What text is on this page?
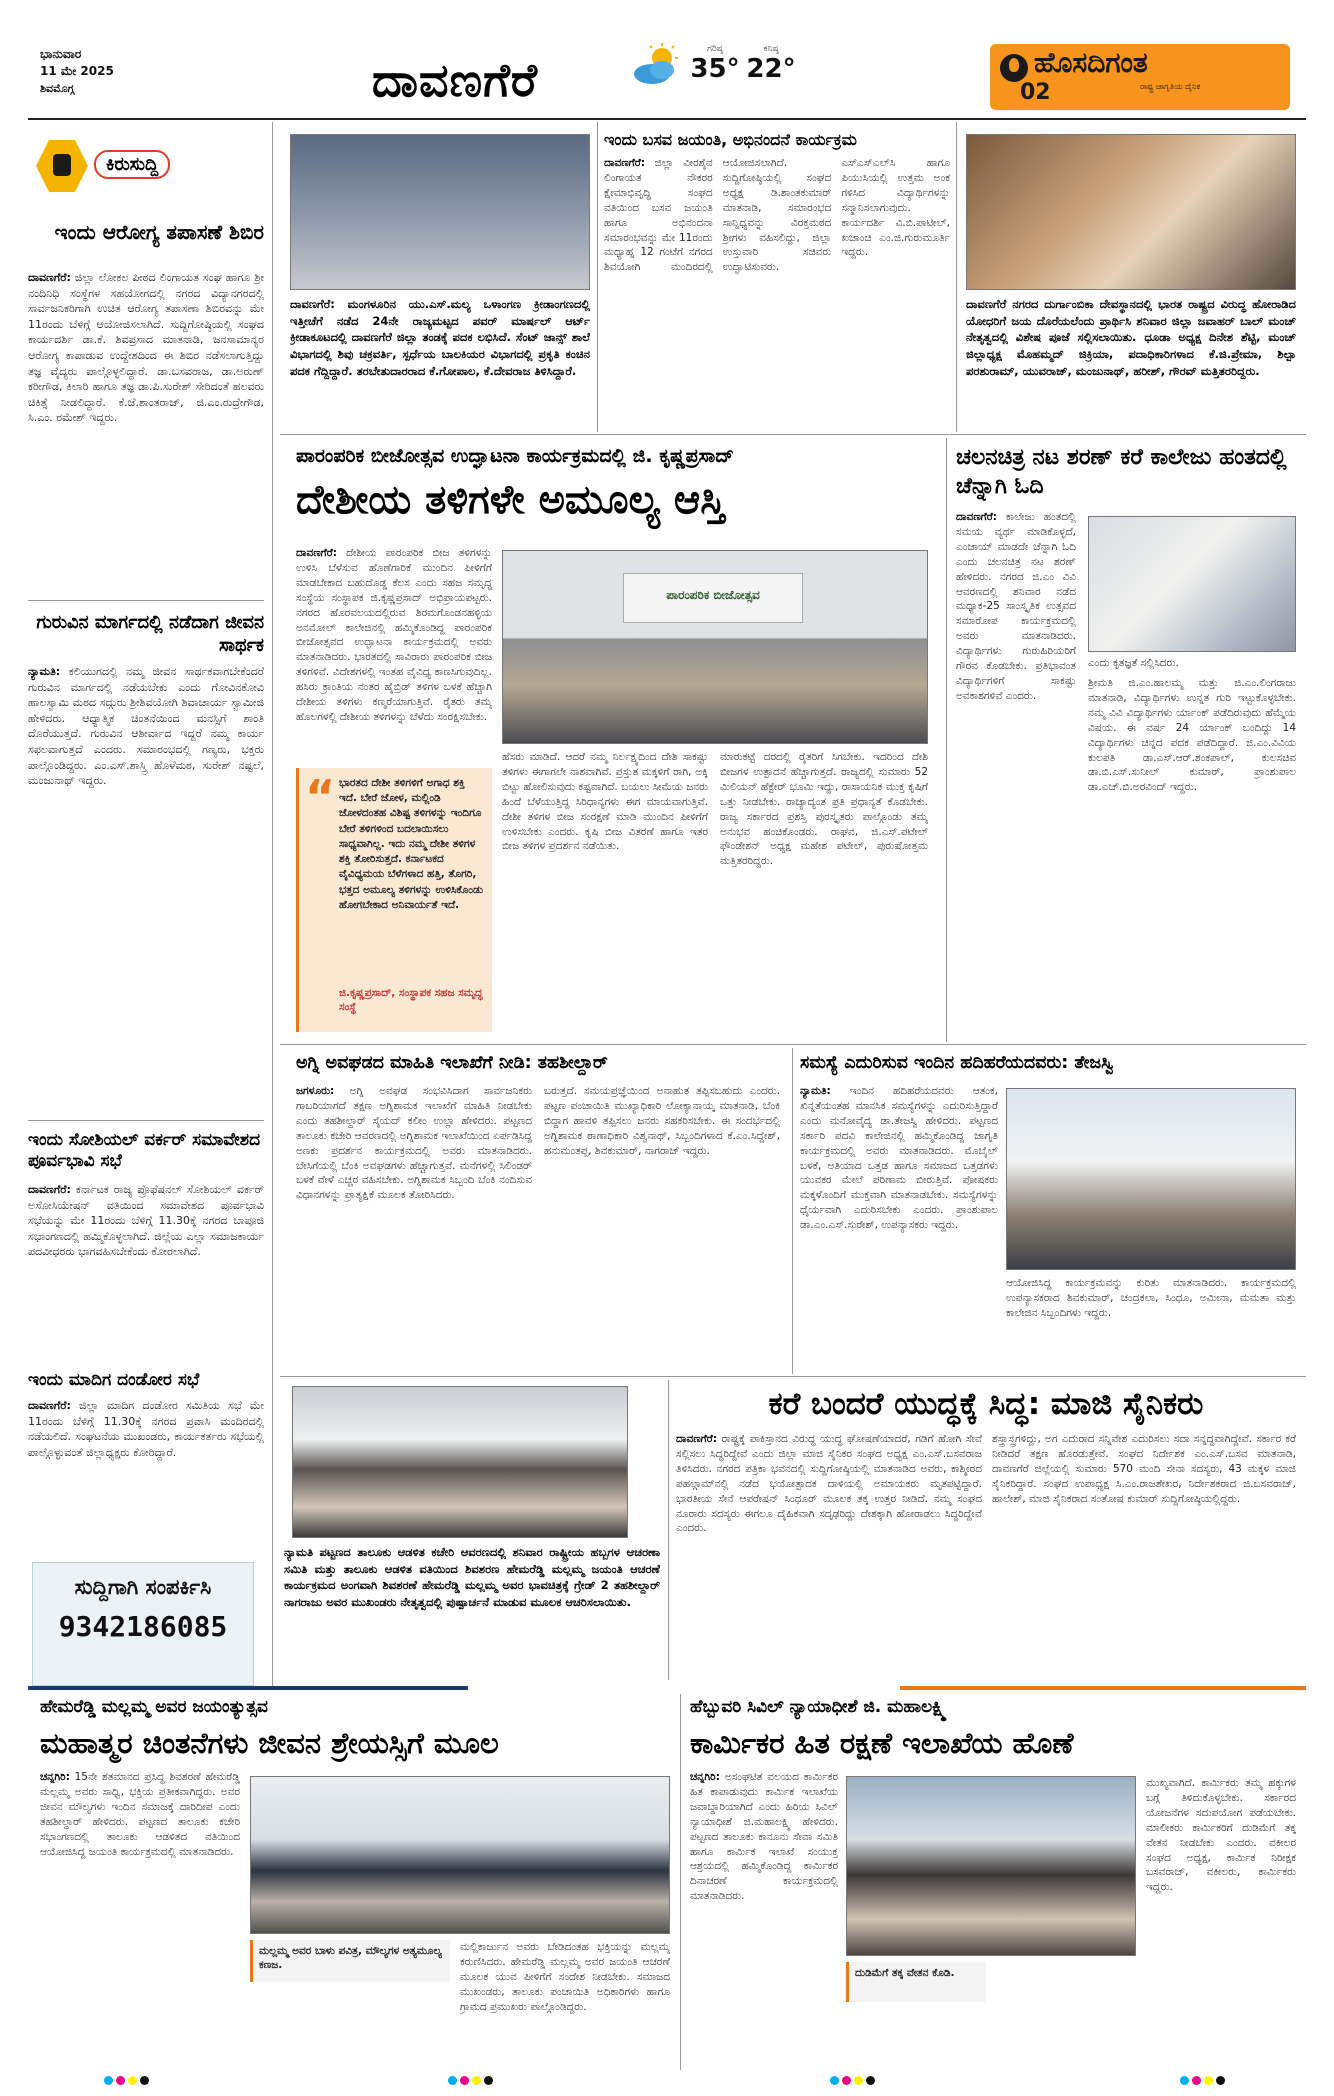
ಭಾನುವಾರ
11 ಮೇ 2025
ಶಿವಮೊಗ್ಗ	ದಾವಣಗೆರೆ
ಗರಿಷ್ಠ
35°
ಕನಿಷ್ಠ
22°	ಹೊಸದಿಗಂತ
ರಾಷ್ಟ್ರ ಜಾಗೃತಿಯ ದೈನಿಕ
02
ಕಿರುಸುದ್ದಿ
ಇಂದು ಆರೋಗ್ಯ ತಪಾಸಣೆ ಶಿಬಿರ
ದಾವಣಗೆರೆ: ಜಿಲ್ಲಾ ಲೋಕಲ ಪೀಠದ ಲಿಂಗಾಯತ ಸಂಘ ಹಾಗೂ ಶ್ರೀ ನಂದಿನಿಧಿ ಸಂಸ್ಥೆಗಳ ಸಹಯೋಗದಲ್ಲಿ ನಗರದ ವಿದ್ಯಾನಗರದಲ್ಲಿ ಸಾರ್ವಜನಿಕರಿಗಾಗಿ ಉಚಿತ ಆರೋಗ್ಯ ತಪಾಸಣಾ ಶಿಬಿರವನ್ನು ಮೇ 11ರಂದು ಬೆಳಿಗ್ಗೆ ಆಯೋಜಿಸಲಾಗಿದೆ. ಸುದ್ದಿಗೋಷ್ಠಿಯಲ್ಲಿ ಸಂಘದ ಕಾರ್ಯದರ್ಶಿ ಡಾ.ಕೆ. ಶಿವಪ್ರಸಾದ ಮಾತನಾಡಿ, ಜನಸಾಮಾನ್ಯರ ಆರೋಗ್ಯ ಕಾಪಾಡುವ ಉದ್ದೇಶದಿಂದ ಈ ಶಿಬಿರ ನಡೆಸಲಾಗುತ್ತಿದ್ದು ತಜ್ಞ ವೈದ್ಯರು ಪಾಲ್ಗೊಳ್ಳಲಿದ್ದಾರೆ. ಡಾ.ಬಸವರಾಜ, ಡಾ.ಅರುಣ್ ಕರೀಗೌಡ, ಕಿಲಾರಿ ಹಾಗೂ ತಜ್ಞ ಡಾ.ಪಿ.ಸುರೇಶ್ ಸೇರಿದಂತೆ ಹಲವರು ಚಿಕಿತ್ಸೆ ನೀಡಲಿದ್ದಾರೆ. ಕೆ.ಜೆ.ಶಾಂತರಾಜ್, ಜಿ.ಎಂ.ರುದ್ರೇಗೌಡ, ಸಿ.ಎಂ. ರಮೇಶ್ ಇದ್ದರು.
ಗುರುವಿನ ಮಾರ್ಗದಲ್ಲಿ ನಡೆದಾಗ ಜೀವನ ಸಾರ್ಥಕ
ನ್ಯಾಮತಿ: ಕಲಿಯುಗದಲ್ಲಿ ನಮ್ಮ ಜೀವನ ಸಾರ್ಥಕವಾಗಬೇಕೆಂದರೆ ಗುರುವಿನ ಮಾರ್ಗದಲ್ಲಿ ನಡೆಯಬೇಕು ಎಂದು ಗೋವಿನಕೋವಿ ಹಾಲಸ್ವಾಮಿ ಮಠದ ಸದ್ಗುರು ಶ್ರೀಶಿವಯೋಗಿ ಶಿವಾಚಾರ್ಯ ಸ್ವಾಮೀಜಿ ಹೇಳಿದರು. ಆಧ್ಯಾತ್ಮಿಕ ಚಿಂತನೆಯಿಂದ ಮನಸ್ಸಿಗೆ ಶಾಂತಿ ದೊರೆಯುತ್ತದೆ. ಗುರುವಿನ ಆಶೀರ್ವಾದ ಇದ್ದರೆ ನಮ್ಮ ಕಾರ್ಯ ಸಫಲವಾಗುತ್ತದೆ ಎಂದರು. ಸಮಾರಂಭದಲ್ಲಿ ಗಣ್ಯರು, ಭಕ್ತರು ಪಾಲ್ಗೊಂಡಿದ್ದರು. ಎಂ.ಎಸ್.ಶಾಸ್ತ್ರಿ ಹೊಳೆಮಠ, ಸುರೇಶ್ ನಷ್ಟಲೆ, ಮಂಜುನಾಥ್ ಇದ್ದರು.
ಇಂದು ಸೋಶಿಯಲ್ ವರ್ಕರ್ ಸಮಾವೇಶದ ಪೂರ್ವಭಾವಿ ಸಭೆ
ದಾವಣಗೆರೆ: ಕರ್ನಾಟಕ ರಾಜ್ಯ ಪ್ರೊಫೆಷನಲ್ ಸೋಶಿಯಲ್ ವರ್ಕರ್ ಅಸೋಸಿಯೇಷನ್ ವತಿಯಿಂದ ಸಮಾವೇಶದ ಪೂರ್ವಭಾವಿ ಸಭೆಯನ್ನು ಮೇ 11ರಂದು ಬೆಳಿಗ್ಗೆ 11.30ಕ್ಕೆ ನಗರದ ಬಾಪೂಜಿ ಸಭಾಂಗಣದಲ್ಲಿ ಹಮ್ಮಿಕೊಳ್ಳಲಾಗಿದೆ. ಜಿಲ್ಲೆಯ ಎಲ್ಲಾ ಸಮಾಜಕಾರ್ಯ ಪದವೀಧರರು ಭಾಗವಹಿಸಬೇಕೆಂದು ಕೋರಲಾಗಿದೆ.
ಇಂದು ಮಾದಿಗ ದಂಡೋರ ಸಭೆ
ದಾವಣಗೆರೆ: ಜಿಲ್ಲಾ ಮಾದಿಗ ದಂಡೋರ ಸಮಿತಿಯ ಸಭೆ ಮೇ 11ರಂದು ಬೆಳಿಗ್ಗೆ 11.30ಕ್ಕೆ ನಗರದ ಪ್ರವಾಸಿ ಮಂದಿರದಲ್ಲಿ ನಡೆಯಲಿದೆ. ಸಂಘಟನೆಯ ಮುಖಂಡರು, ಕಾರ್ಯಕರ್ತರು ಸಭೆಯಲ್ಲಿ ಪಾಲ್ಗೊಳ್ಳುವಂತೆ ಜಿಲ್ಲಾಧ್ಯಕ್ಷರು ಕೋರಿದ್ದಾರೆ.
ಸುದ್ದಿಗಾಗಿ ಸಂಪರ್ಕಿಸಿ
9342186085
ದಾವಣಗೆರೆ: ಮಂಗಳೂರಿನ ಯು.ಎಸ್.ಮಲ್ಯ ಒಳಾಂಗಣ ಕ್ರೀಡಾಂಗಣದಲ್ಲಿ ಇತ್ತೀಚೆಗೆ ನಡೆದ 24ನೇ ರಾಜ್ಯಮಟ್ಟದ ಪವರ್ ಮಾರ್ಷಲ್ ಆರ್ಟ್ ಕ್ರೀಡಾಕೂಟದಲ್ಲಿ ದಾವಣಗೆರೆ ಜಿಲ್ಲಾ ತಂಡಕ್ಕೆ ಪದಕ ಲಭಿಸಿದೆ. ಸೆಂಟ್ ಜಾನ್ಸ್ ಶಾಲೆ ವಿಭಾಗದಲ್ಲಿ ಶಿವು ಚಕ್ರವರ್ತಿ, ಸ್ಪರ್ಧೆಯ ಬಾಲಕಿಯರ ವಿಭಾಗದಲ್ಲಿ ಪ್ರಕೃತಿ ಕಂಚಿನ ಪದಕ ಗೆದ್ದಿದ್ದಾರೆ. ತರಬೇತುದಾರರಾದ ಕೆ.ಗೋಪಾಲ, ಕೆ.ದೇವರಾಜ ತಿಳಿಸಿದ್ದಾರೆ.
ಇಂದು ಬಸವ ಜಯಂತಿ, ಅಭಿನಂದನೆ ಕಾರ್ಯಕ್ರಮ
ದಾವಣಗೆರೆ: ಜಿಲ್ಲಾ ವೀರಶೈವ ಲಿಂಗಾಯತ ನೌಕರರ ಕ್ಷೇಮಾಭಿವೃದ್ಧಿ ಸಂಘದ ವತಿಯಿಂದ ಬಸವ ಜಯಂತಿ ಹಾಗೂ ಅಭಿನಂದನಾ ಸಮಾರಂಭವನ್ನು ಮೇ 11ರಂದು ಮಧ್ಯಾಹ್ನ 12 ಗಂಟೆಗೆ ನಗರದ ಶಿವಯೋಗಿ ಮಂದಿರದಲ್ಲಿ ಆಯೋಜಿಸಲಾಗಿದೆ. ಸುದ್ದಿಗೋಷ್ಠಿಯಲ್ಲಿ ಸಂಘದ ಅಧ್ಯಕ್ಷ ಡಿ.ಶಾಂತಕುಮಾರ್ ಮಾತನಾಡಿ, ಸಮಾರಂಭದ ಸಾನ್ನಿಧ್ಯವನ್ನು ವಿರಕ್ತಮಠದ ಶ್ರೀಗಳು ವಹಿಸಲಿದ್ದು, ಜಿಲ್ಲಾ ಉಸ್ತುವಾರಿ ಸಚಿವರು ಉದ್ಘಾಟಿಸುವರು. ಎಸ್‌ಎಸ್‌ಎಲ್‌ಸಿ ಹಾಗೂ ಪಿಯುಸಿಯಲ್ಲಿ ಉತ್ತಮ ಅಂಕ ಗಳಿಸಿದ ವಿದ್ಯಾರ್ಥಿಗಳನ್ನು ಸನ್ಮಾನಿಸಲಾಗುವುದು. ಕಾರ್ಯದರ್ಶಿ ವಿ.ಬಿ.ಪಾಟೀಲ್, ಖಜಾಂಚಿ ಎಂ.ಜಿ.ಗುರುಮೂರ್ತಿ ಇದ್ದರು.
ದಾವಣಗೆರೆ ನಗರದ ದುರ್ಗಾಂಬಿಕಾ ದೇವಸ್ಥಾನದಲ್ಲಿ ಭಾರತ ರಾಷ್ಟ್ರದ ವಿರುದ್ಧ ಹೋರಾಡಿದ ಯೋಧರಿಗೆ ಜಯ ದೊರೆಯಲೆಂದು ಪ್ರಾರ್ಥಿಸಿ ಶನಿವಾರ ಜಿಲ್ಲಾ ಜವಾಹರ್ ಬಾಲ್ ಮಂಚ್ ನೇತೃತ್ವದಲ್ಲಿ ವಿಶೇಷ ಪೂಜೆ ಸಲ್ಲಿಸಲಾಯಿತು. ಧೂಡಾ ಅಧ್ಯಕ್ಷ ದಿನೇಶ ಶೆಟ್ಟಿ, ಮಂಚ್ ಜಿಲ್ಲಾಧ್ಯಕ್ಷ ಮೊಹಮ್ಮದ್ ಜಿಕ್ರಿಯಾ, ಪದಾಧಿಕಾರಿಗಳಾದ ಕೆ.ಜಿ.ಪ್ರೇಮಾ, ಶಿಲ್ಪಾ ಪರಶುರಾಮ್, ಯುವರಾಜ್, ಮಂಜುನಾಥ್, ಹರೀಶ್, ಗೌರವ್ ಮತ್ತಿತರರಿದ್ದರು.
ಪಾರಂಪರಿಕ ಬೀಜೋತ್ಸವ ಉದ್ಘಾಟನಾ ಕಾರ್ಯಕ್ರಮದಲ್ಲಿ ಜಿ. ಕೃಷ್ಣಪ್ರಸಾದ್
ದೇಶೀಯ ತಳಿಗಳೇ ಅಮೂಲ್ಯ ಆಸ್ತಿ
ದಾವಣಗೆರೆ: ದೇಶೀಯ ಪಾರಂಪರಿಕ ಬೀಜ ತಳಿಗಳನ್ನು ಉಳಿಸಿ ಬೆಳೆಸುವ ಹೊಣೆಗಾರಿಕೆ ಮುಂದಿನ ಪೀಳಿಗೆಗೆ ಮಾಡಬೇಕಾದ ಬಹುದೊಡ್ಡ ಕೆಲಸ ಎಂದು ಸಹಜ ಸಮೃದ್ಧ ಸಂಸ್ಥೆಯ ಸಂಸ್ಥಾಪಕ ಜಿ.ಕೃಷ್ಣಪ್ರಸಾದ್ ಅಭಿಪ್ರಾಯಪಟ್ಟರು. ನಗರದ ಹೊರವಲಯದಲ್ಲಿರುವ ಶಿರಮಗೊಂಡನಹಳ್ಳಿಯ ಅನಮೋಲ್ ಕಾಲೇಜಿನಲ್ಲಿ ಹಮ್ಮಿಕೊಂಡಿದ್ದ ಪಾರಂಪರಿಕ ಬೀಜೋತ್ಸವದ ಉದ್ಘಾಟನಾ ಕಾರ್ಯಕ್ರಮದಲ್ಲಿ ಅವರು ಮಾತನಾಡಿದರು. ಭಾರತದಲ್ಲಿ ಸಾವಿರಾರು ಪಾರಂಪರಿಕ ಬೀಜ ತಳಿಗಳಿವೆ. ವಿದೇಶಗಳಲ್ಲಿ ಇಂತಹ ವೈವಿಧ್ಯ ಕಾಣಸಿಗುವುದಿಲ್ಲ. ಹಸಿರು ಕ್ರಾಂತಿಯ ನಂತರ ಹೈಬ್ರಿಡ್ ತಳಿಗಳ ಬಳಕೆ ಹೆಚ್ಚಾಗಿ ದೇಶೀಯ ತಳಿಗಳು ಕಣ್ಮರೆಯಾಗುತ್ತಿವೆ. ರೈತರು ತಮ್ಮ ಹೊಲಗಳಲ್ಲಿ ದೇಶೀಯ ತಳಿಗಳನ್ನು ಬೆಳೆದು ಸಂರಕ್ಷಿಸಬೇಕು.
“ ಭಾರತದ ದೇಶೀ ತಳಿಗಳಿಗೆ ಅಗಾಧ ಶಕ್ತಿ ಇದೆ. ಬೇರೆ ಜೋಳ, ಮಲ್ಲಿಂಡಿ ಜೋಳದಂತಹ ವಿಶಿಷ್ಟ ತಳಿಗಳನ್ನು ಇಂದಿಗೂ ಬೇರೆ ತಳಿಗಳಿಂದ ಬದಲಾಯಿಸಲು ಸಾಧ್ಯವಾಗಿಲ್ಲ. ಇದು ನಮ್ಮ ದೇಶೀ ತಳಿಗಳ ಶಕ್ತಿ ತೋರಿಸುತ್ತದೆ. ಕರ್ನಾಟಕದ ವೈವಿಧ್ಯಮಯ ಬೆಳೆಗಳಾದ ಹತ್ತಿ, ತೊಗರಿ, ಭತ್ತದ ಅಮೂಲ್ಯ ತಳಿಗಳನ್ನು ಉಳಿಸಿಕೊಂಡು ಹೋಗಬೇಕಾದ ಅನಿವಾರ್ಯತೆ ಇದೆ.
ಜಿ.ಕೃಷ್ಣಪ್ರಸಾದ್, ಸಂಸ್ಥಾಪಕ ಸಹಜ ಸಮೃದ್ಧ ಸಂಸ್ಥೆ
ಪಾರಂಪರಿಕ ಬೀಜೋತ್ಸವ
ಹೆಸರು ಮಾಡಿದೆ. ಆದರೆ ನಮ್ಮ ನಿರ್ಲಕ್ಷ್ಯದಿಂದ ದೇಶಿ ಸಾಕಷ್ಟು ತಳಿಗಳು ಈಗಾಗಲೇ ನಾಶವಾಗಿವೆ. ಪ್ರಸ್ತುತ ಮಕ್ಕಳಿಗೆ ರಾಗಿ, ಅಕ್ಕಿ ಬಿಟ್ಟು ಹೋಲಿಸುವುದು ಕಷ್ಟವಾಗಿದೆ. ಬಯಲು ಸೀಮೆಯ ಜನರು ಹಿಂದೆ ಬೆಳೆಯುತ್ತಿದ್ದ ಸಿರಿಧಾನ್ಯಗಳು ಈಗ ಮಾಯವಾಗುತ್ತಿವೆ. ದೇಶೀ ತಳಿಗಳ ಬೀಜ ಸಂರಕ್ಷಣೆ ಮಾಡಿ ಮುಂದಿನ ಪೀಳಿಗೆಗೆ ಉಳಿಸಬೇಕು ಎಂದರು. ಕೃಷಿ ಬೀಜ ವಿತರಣೆ ಹಾಗೂ ಇತರ ಬೀಜ ತಳಿಗಳ ಪ್ರದರ್ಶನ ನಡೆಯಿತು.
ಮಾರುಕಟ್ಟೆ ದರದಲ್ಲಿ ರೈತರಿಗೆ ಸಿಗಬೇಕು. ಇದರಿಂದ ದೇಶಿ ಬೀಜಗಳ ಉತ್ಪಾದನೆ ಹೆಚ್ಚಾಗುತ್ತದೆ. ರಾಜ್ಯದಲ್ಲಿ ಸುಮಾರು 52 ಮಿಲಿಯನ್ ಹೆಕ್ಟೇರ್ ಭೂಮಿ ಇದ್ದು, ರಾಸಾಯನಿಕ ಮುಕ್ತ ಕೃಷಿಗೆ ಒತ್ತು ನೀಡಬೇಕು. ರಾಜ್ಯಾದ್ಯಂತ ಪ್ರತಿ ಪ್ರಧಾನ್ಯತೆ ಕೊಡಬೇಕು. ರಾಜ್ಯ ಸರ್ಕಾರದ ಪ್ರಶಸ್ತಿ ಪುರಸ್ಕೃತರು ಪಾಲ್ಗೊಂಡು ತಮ್ಮ ಅನುಭವ ಹಂಚಿಕೊಂಡರು. ರಾಘವ, ಜಿ.ಎಸ್.ಪಟೇಲ್ ಫೌಂಡೇಶನ್ ಅಧ್ಯಕ್ಷ ಮಹೇಶ ಪಟೇಲ್, ಪುರುಷೋತ್ತಮ ಮತ್ತಿತರರಿದ್ದರು.
ಚಲನಚಿತ್ರ ನಟ ಶರಣ್ ಕರೆ ಕಾಲೇಜು ಹಂತದಲ್ಲಿ ಚೆನ್ನಾಗಿ ಓದಿ
ದಾವಣಗೆರೆ: ಕಾಲೇಜು ಹಂತದಲ್ಲಿ ಸಮಯ ವ್ಯರ್ಥ ಮಾಡಿಕೊಳ್ಳದೆ, ಎಂಜಾಯ್ ಮಾಡದೇ ಚೆನ್ನಾಗಿ ಓದಿ ಎಂದು ಚಲನಚಿತ್ರ ನಟ ಶರಣ್ ಹೇಳಿದರು. ನಗರದ ಜಿ.ಎಂ ವಿವಿ ಆವರಣದಲ್ಲಿ ಶನಿವಾರ ನಡೆದ ಮಧ್ಯಾಕ-25 ಸಾಂಸ್ಕೃತಿಕ ಉತ್ಸವದ ಸಮಾರೋಪ ಕಾರ್ಯಕ್ರಮದಲ್ಲಿ ಅವರು ಮಾತನಾಡಿದರು. ವಿದ್ಯಾರ್ಥಿಗಳು ಗುರುಹಿರಿಯರಿಗೆ ಗೌರವ ಕೊಡಬೇಕು. ಪ್ರತಿಭಾವಂತ ವಿದ್ಯಾರ್ಥಿಗಳಿಗೆ ಸಾಕಷ್ಟು ಅವಕಾಶಗಳಿವೆ ಎಂದರು.
ಎಂದು ಕೃತಜ್ಞತೆ ಸಲ್ಲಿಸಿದರು.
ಶ್ರೀಮತಿ ಜಿ.ಎಂ.ಹಾಲಮ್ಮ ಮತ್ತು ಜಿ.ಎಂ.ಲಿಂಗರಾಜು ಮಾತನಾಡಿ, ವಿದ್ಯಾರ್ಥಿಗಳು ಉನ್ನತ ಗುರಿ ಇಟ್ಟುಕೊಳ್ಳಬೇಕು. ನಮ್ಮ ವಿವಿ ವಿದ್ಯಾರ್ಥಿಗಳು ರ್ಯಾಂಕ್ ಪಡೆದಿರುವುದು ಹೆಮ್ಮೆಯ ವಿಷಯ. ಈ ವರ್ಷ 24 ರ್ಯಾಂಕ್ ಬಂದಿದ್ದು 14 ವಿದ್ಯಾರ್ಥಿಗಳು ಚಿನ್ನದ ಪದಕ ಪಡೆದಿದ್ದಾರೆ. ಜಿ.ಎಂ.ವಿವಿಯ ಕುಲಪತಿ ಡಾ.ಎಸ್.ಆರ್.ಶಂಕಪಾಲ್, ಕುಲಸಚಿವ ಡಾ.ಬಿ.ಎಸ್.ಸುನೀಲ್ ಕುಮಾರ್, ಪ್ರಾಂಶುಪಾಲ ಡಾ.ಎಚ್.ಬಿ.ಅರವಿಂದ್ ಇದ್ದರು.
ಅಗ್ನಿ ಅವಘಡದ ಮಾಹಿತಿ ಇಲಾಖೆಗೆ ನೀಡಿ: ತಹಶೀಲ್ದಾರ್
ಜಗಳೂರು: ಅಗ್ನಿ ಅವಘಡ ಸಂಭವಿಸಿದಾಗ ಸಾರ್ವಜನಿಕರು ಗಾಬರಿಯಾಗದೆ ತಕ್ಷಣ ಅಗ್ನಿಶಾಮಕ ಇಲಾಖೆಗೆ ಮಾಹಿತಿ ನೀಡಬೇಕು ಎಂದು ತಹಶೀಲ್ದಾರ್ ಸೈಯದ್ ಕಲೀಂ ಉಲ್ಲಾ ಹೇಳಿದರು. ಪಟ್ಟಣದ ತಾಲೂಕು ಕಚೇರಿ ಆವರಣದಲ್ಲಿ ಅಗ್ನಿಶಾಮಕ ಇಲಾಖೆಯಿಂದ ಏರ್ಪಡಿಸಿದ್ದ ಅಣಕು ಪ್ರದರ್ಶನ ಕಾರ್ಯಕ್ರಮದಲ್ಲಿ ಅವರು ಮಾತನಾಡಿದರು. ಬೇಸಿಗೆಯಲ್ಲಿ ಬೆಂಕಿ ಅವಘಡಗಳು ಹೆಚ್ಚಾಗುತ್ತವೆ. ಮನೆಗಳಲ್ಲಿ ಸಿಲಿಂಡರ್ ಬಳಕೆ ವೇಳೆ ಎಚ್ಚರ ವಹಿಸಬೇಕು. ಅಗ್ನಿಶಾಮಕ ಸಿಬ್ಬಂದಿ ಬೆಂಕಿ ನಂದಿಸುವ ವಿಧಾನಗಳನ್ನು ಪ್ರಾತ್ಯಕ್ಷಿಕೆ ಮೂಲಕ ತೋರಿಸಿದರು.
ಬರುತ್ತದೆ. ಸಮಯಪ್ರಜ್ಞೆಯಿಂದ ಅನಾಹುತ ತಪ್ಪಿಸಬಹುದು ಎಂದರು. ಪಟ್ಟಣ ಪಂಚಾಯಿತಿ ಮುಖ್ಯಾಧಿಕಾರಿ ಲೋಕ್ಯಾನಾಯ್ಕ ಮಾತನಾಡಿ, ಬೆಂಕಿ ಬಿದ್ದಾಗ ಹಾವಳಿ ತಪ್ಪಿಸಲು ಜನರು ಸಹಕರಿಸಬೇಕು. ಈ ಸಂದರ್ಭದಲ್ಲಿ ಅಗ್ನಿಶಾಮಕ ಠಾಣಾಧಿಕಾರಿ ವಿಶ್ವನಾಥ್, ಸಿಬ್ಬಂದಿಗಳಾದ ಕೆ.ಎಂ.ಸಿದ್ದೇಶ್, ಹನುಮಂತಪ್ಪ, ಶಿವಕುಮಾರ್, ನಾಗರಾಜ್ ಇದ್ದರು.
ಸಮಸ್ಯೆ ಎದುರಿಸುವ ಇಂದಿನ ಹದಿಹರೆಯದವರು: ತೇಜಸ್ವಿ
ನ್ಯಾಮತಿ: ಇಂದಿನ ಹದಿಹರೆಯದವರು ಆತಂಕ, ಖಿನ್ನತೆಯಂತಹ ಮಾನಸಿಕ ಸಮಸ್ಯೆಗಳನ್ನು ಎದುರಿಸುತ್ತಿದ್ದಾರೆ ಎಂದು ಮನೋವೈದ್ಯ ಡಾ.ತೇಜಸ್ವಿ ಹೇಳಿದರು. ಪಟ್ಟಣದ ಸರ್ಕಾರಿ ಪದವಿ ಕಾಲೇಜಿನಲ್ಲಿ ಹಮ್ಮಿಕೊಂಡಿದ್ದ ಜಾಗೃತಿ ಕಾರ್ಯಕ್ರಮದಲ್ಲಿ ಅವರು ಮಾತನಾಡಿದರು. ಮೊಬೈಲ್ ಬಳಕೆ, ಅತಿಯಾದ ಒತ್ತಡ ಹಾಗೂ ಸಮಾಜದ ಒತ್ತಡಗಳು ಯುವಕರ ಮೇಲೆ ಪರಿಣಾಮ ಬೀರುತ್ತಿವೆ. ಪೋಷಕರು ಮಕ್ಕಳೊಂದಿಗೆ ಮುಕ್ತವಾಗಿ ಮಾತನಾಡಬೇಕು. ಸಮಸ್ಯೆಗಳನ್ನು ಧೈರ್ಯವಾಗಿ ಎದುರಿಸಬೇಕು ಎಂದರು. ಪ್ರಾಂಶುಪಾಲ ಡಾ.ಎಂ.ಎಸ್.ಸುರೇಶ್, ಉಪನ್ಯಾಸಕರು ಇದ್ದರು.
ಆಯೋಜಿಸಿದ್ದ ಕಾರ್ಯಕ್ರಮವನ್ನು ಕುರಿತು ಮಾತನಾಡಿದರು. ಕಾರ್ಯಕ್ರಮದಲ್ಲಿ ಉಪನ್ಯಾಸಕರಾದ ಶಿವಕುಮಾರ್, ಚಂದ್ರಕಲಾ, ಸಿಂಧೂ, ಅಮೀನಾ, ಮಮತಾ ಮತ್ತು ಕಾಲೇಜಿನ ಸಿಬ್ಬಂದಿಗಳು ಇದ್ದರು.
ನ್ಯಾಮತಿ ಪಟ್ಟಣದ ತಾಲೂಕು ಆಡಳಿತ ಕಚೇರಿ ಆವರಣದಲ್ಲಿ ಶನಿವಾರ ರಾಷ್ಟ್ರೀಯ ಹಬ್ಬಗಳ ಆಚರಣಾ ಸಮಿತಿ ಮತ್ತು ತಾಲೂಕು ಆಡಳಿತ ವತಿಯಿಂದ ಶಿವಶರಣ ಹೇಮರೆಡ್ಡಿ ಮಲ್ಲಮ್ಮ ಜಯಂತಿ ಆಚರಣೆ ಕಾರ್ಯಕ್ರಮದ ಅಂಗವಾಗಿ ಶಿವಶರಣೆ ಹೇಮರೆಡ್ಡಿ ಮಲ್ಲಮ್ಮ ಅವರ ಭಾವಚಿತ್ರಕ್ಕೆ ಗ್ರೇಡ್ 2 ತಹಶೀಲ್ದಾರ್ ನಾಗರಾಜು ಅವರ ಮುಖಂಡರು ನೇತೃತ್ವದಲ್ಲಿ ಪುಷ್ಪಾರ್ಚನೆ ಮಾಡುವ ಮೂಲಕ ಆಚರಿಸಲಾಯಿತು.
ಕರೆ ಬಂದರೆ ಯುದ್ಧಕ್ಕೆ ಸಿದ್ಧ: ಮಾಜಿ ಸೈನಿಕರು
ದಾವಣಗೆರೆ: ರಾಷ್ಟ್ರಕ್ಕೆ ಪಾಕಿಸ್ತಾನದ ವಿರುದ್ಧ ಯುದ್ಧ ಘೋಷಣೆಯಾದರೆ, ಗಡಿಗೆ ಹೋಗಿ ಸೇವೆ ಸಲ್ಲಿಸಲು ಸಿದ್ಧರಿದ್ದೇವೆ ಎಂದು ಜಿಲ್ಲಾ ಮಾಜಿ ಸೈನಿಕರ ಸಂಘದ ಅಧ್ಯಕ್ಷ ಎಂ.ಎಸ್.ಬಸವರಾಜ ತಿಳಿಸಿದರು. ನಗರದ ಪತ್ರಿಕಾ ಭವನದಲ್ಲಿ ಸುದ್ದಿಗೋಷ್ಠಿಯಲ್ಲಿ ಮಾತನಾಡಿದ ಅವರು, ಕಾಶ್ಮೀರದ ಪಹಲ್ಗಾಮ್‌ನಲ್ಲಿ ನಡೆದ ಭಯೋತ್ಪಾದಕ ದಾಳಿಯಲ್ಲಿ ಅಮಾಯಕರು ಮೃತಪಟ್ಟಿದ್ದಾರೆ. ಭಾರತೀಯ ಸೇನೆ ಆಪರೇಷನ್ ಸಿಂಧೂರ್ ಮೂಲಕ ತಕ್ಕ ಉತ್ತರ ನೀಡಿದೆ. ನಮ್ಮ ಸಂಘದ ನೂರಾರು ಸದಸ್ಯರು ಈಗಲೂ ದೈಹಿಕವಾಗಿ ಸದೃಢರಿದ್ದು ದೇಶಕ್ಕಾಗಿ ಹೋರಾಡಲು ಸಿದ್ಧರಿದ್ದೇವೆ ಎಂದರು.
ಶಸ್ತ್ರಾಸ್ತ್ರಗಳಿದ್ದು, ಅಗ ಎದುರಾದ ಸನ್ನಿವೇಶ ಎದುರಿಸಲು ಸದಾ ಸನ್ನದ್ಧವಾಗಿದ್ದೇವೆ. ಸರ್ಕಾರ ಕರೆ ನೀಡಿದರೆ ತಕ್ಷಣ ಹೊರಡುತ್ತೇವೆ. ಸಂಘದ ನಿರ್ದೇಶಕ ಎಂ.ಎಸ್.ಬಸವ ಮಾತನಾಡಿ, ದಾವಣಗೆರೆ ಜಿಲ್ಲೆಯಲ್ಲಿ ಸುಮಾರು 570 ಮಂದಿ ಸೇನಾ ಸದಸ್ಯರು, 43 ಮಕ್ಕಳ ಮಾಜಿ ಸೈನಿಕರಿದ್ದಾರೆ. ಸಂಘದ ಉಪಾಧ್ಯಕ್ಷ ಸಿ.ಎಂ.ರಾಜಶೇಖರ, ನಿರ್ದೇಶಕರಾದ ಜಿ.ಬಸವರಾಜ್, ಹಾಲೇಶ್, ಮಾಜಿ ಸೈನಿಕರಾದ ಸಂತೋಷ ಕುಮಾರ್ ಸುದ್ದಿಗೋಷ್ಠಿಯಲ್ಲಿದ್ದರು.
ಹೇಮರೆಡ್ಡಿ ಮಲ್ಲಮ್ಮ ಅವರ ಜಯಂತ್ಯುತ್ಸವ
ಮಹಾತ್ಮರ ಚಿಂತನೆಗಳು ಜೀವನ ಶ್ರೇಯಸ್ಸಿಗೆ ಮೂಲ
ಚನ್ನಗಿರಿ: 15ನೇ ಶತಮಾನದ ಪ್ರಸಿದ್ಧ ಶಿವಶರಣೆ ಹೇಮರೆಡ್ಡಿ ಮಲ್ಲಮ್ಮ ಅವರು ಸಾಧ್ವಿ, ಭಕ್ತಿಯ ಪ್ರತೀಕವಾಗಿದ್ದರು. ಅವರ ಜೀವನ ಮೌಲ್ಯಗಳು ಇಂದಿನ ಸಮಾಜಕ್ಕೆ ದಾರಿದೀಪ ಎಂದು ತಹಶೀಲ್ದಾರ್ ಹೇಳಿದರು. ಪಟ್ಟಣದ ತಾಲೂಕು ಕಚೇರಿ ಸಭಾಂಗಣದಲ್ಲಿ ತಾಲೂಕು ಆಡಳಿತದ ವತಿಯಿಂದ ಆಯೋಜಿಸಿದ್ದ ಜಯಂತಿ ಕಾರ್ಯಕ್ರಮದಲ್ಲಿ ಮಾತನಾಡಿದರು.
ಮಲ್ಲಮ್ಮ ಅವರ ಬಾಳು ಪವಿತ್ರ, ಮೌಲ್ಯಗಳ ಅತ್ಯಮೂಲ್ಯ ಕಣಜ.
ಮಲ್ಲಿಕಾರ್ಜುನ ಅವರು ಬೇಡಿದಂತಹ ಭಕ್ತಿಯನ್ನು ಮಲ್ಲಮ್ಮ ಕರುಣಿಸಿದರು. ಹೇಮರೆಡ್ಡಿ ಮಲ್ಲಮ್ಮ ಅವರ ಜಯಂತಿ ಆಚರಣೆ ಮೂಲಕ ಯುವ ಪೀಳಿಗೆಗೆ ಸಂದೇಶ ನೀಡಬೇಕು. ಸಮಾಜದ ಮುಖಂಡರು, ತಾಲೂಕು ಪಂಚಾಯಿತಿ ಅಧಿಕಾರಿಗಳು ಹಾಗೂ ಗ್ರಾಮದ ಪ್ರಮುಖರು ಪಾಲ್ಗೊಂಡಿದ್ದರು.
ಹೆಬ್ಬುವರಿ ಸಿವಿಲ್ ನ್ಯಾಯಾಧೀಶೆ ಜಿ. ಮಹಾಲಕ್ಷ್ಮಿ
ಕಾರ್ಮಿಕರ ಹಿತ ರಕ್ಷಣೆ ಇಲಾಖೆಯ ಹೊಣೆ
ಚನ್ನಗಿರಿ: ಅಸಂಘಟಿತ ವಲಯದ ಕಾರ್ಮಿಕರ ಹಿತ ಕಾಪಾಡುವುದು ಕಾರ್ಮಿಕ ಇಲಾಖೆಯ ಜವಾಬ್ದಾರಿಯಾಗಿದೆ ಎಂದು ಹಿರಿಯ ಸಿವಿಲ್ ನ್ಯಾಯಾಧೀಶೆ ಜಿ.ಮಹಾಲಕ್ಷ್ಮಿ ಹೇಳಿದರು. ಪಟ್ಟಣದ ತಾಲೂಕು ಕಾನೂನು ಸೇವಾ ಸಮಿತಿ ಹಾಗೂ ಕಾರ್ಮಿಕ ಇಲಾಖೆ ಸಂಯುಕ್ತ ಆಶ್ರಯದಲ್ಲಿ ಹಮ್ಮಿಕೊಂಡಿದ್ದ ಕಾರ್ಮಿಕರ ದಿನಾಚರಣೆ ಕಾರ್ಯಕ್ರಮದಲ್ಲಿ ಮಾತನಾಡಿದರು.
ದುಡಿಮೆಗೆ ತಕ್ಕ ವೇತನ ಕೊಡಿ.
ಮುಖ್ಯವಾಗಿದೆ. ಕಾರ್ಮಿಕರು ತಮ್ಮ ಹಕ್ಕುಗಳ ಬಗ್ಗೆ ತಿಳಿದುಕೊಳ್ಳಬೇಕು. ಸರ್ಕಾರದ ಯೋಜನೆಗಳ ಸದುಪಯೋಗ ಪಡೆಯಬೇಕು. ಮಾಲೀಕರು ಕಾರ್ಮಿಕರಿಗೆ ದುಡಿಮೆಗೆ ತಕ್ಕ ವೇತನ ನೀಡಬೇಕು ಎಂದರು. ವಕೀಲರ ಸಂಘದ ಅಧ್ಯಕ್ಷ, ಕಾರ್ಮಿಕ ನಿರೀಕ್ಷಕ ಬಸವರಾಜ್, ವಕೀಲರು, ಕಾರ್ಮಿಕರು ಇದ್ದರು.
